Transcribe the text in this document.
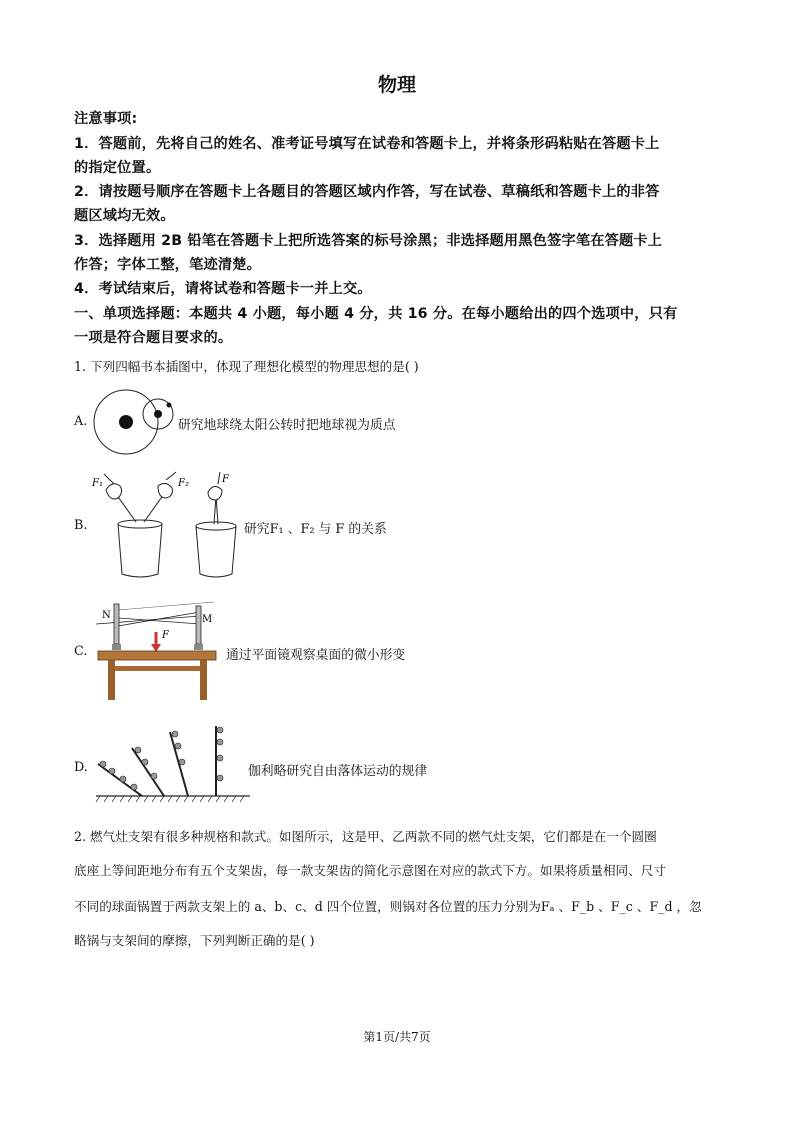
物理
注意事项:
1．答题前，先将自己的姓名、准考证号填写在试卷和答题卡上，并将条形码粘贴在答题卡上
的指定位置。
2．请按题号顺序在答题卡上各题目的答题区域内作答，写在试卷、草稿纸和答题卡上的非答
题区域均无效。
3．选择题用 2B 铅笔在答题卡上把所选答案的标号涂黑；非选择题用黑色签字笔在答题卡上
作答；字体工整，笔迹清楚。
4．考试结束后，请将试卷和答题卡一并上交。
一、单项选择题：本题共 4 小题，每小题 4 分，共 16 分。在每小题给出的四个选项中，只有
一项是符合题目要求的。
1. 下列四幅书本插图中，体现了理想化模型的物理思想的是( )
A.	研究地球绕太阳公转时把地球视为质点
B.
F₁	F₂	F
研究F₁ 、F₂ 与 F 的关系
C.
N	M
F
通过平面镜观察桌面的微小形变
D.	伽利略研究自由落体运动的规律
2. 燃气灶支架有很多种规格和款式。如图所示，这是甲、乙两款不同的燃气灶支架，它们都是在一个圆圈
底座上等间距地分布有五个支架齿，每一款支架齿的简化示意图在对应的款式下方。如果将质量相同、尺寸
不同的球面锅置于两款支架上的 a、b、c、d 四个位置，则锅对各位置的压力分别为Fₐ 、F_b 、F_c 、F_d ，忽
略锅与支架间的摩擦，下列判断正确的是( )
第1页/共7页
